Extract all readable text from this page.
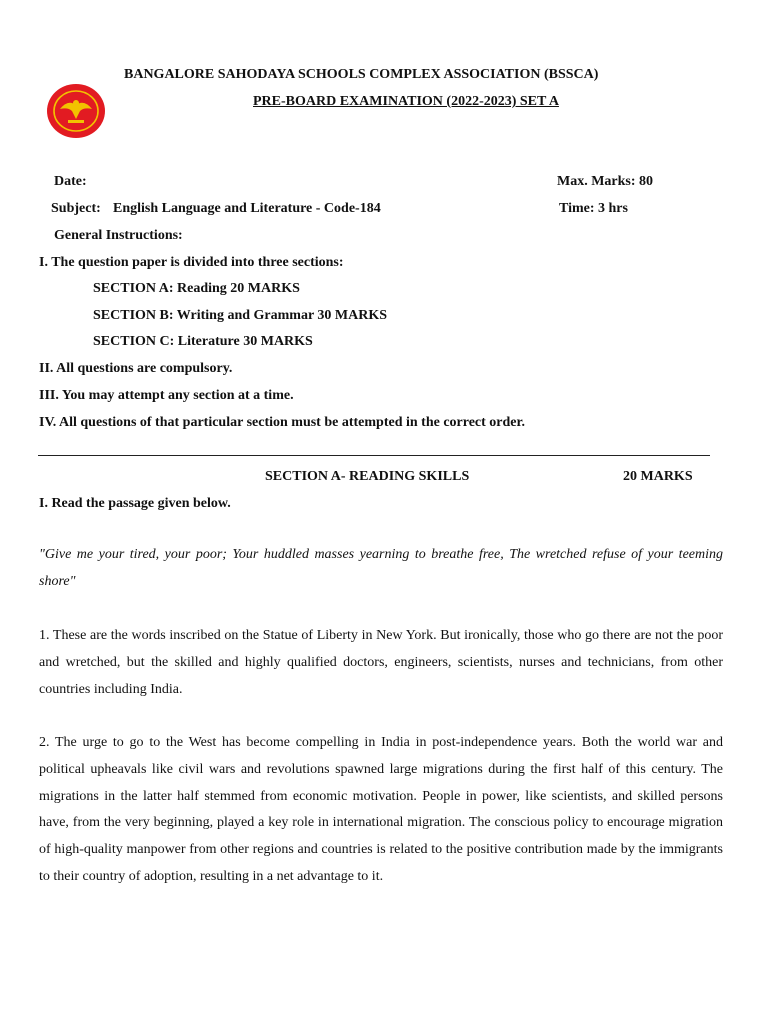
BANGALORE SAHODAYA SCHOOLS COMPLEX ASSOCIATION (BSSCA)
PRE-BOARD EXAMINATION (2022-2023) SET A
Date:	Max. Marks: 80
Subject: English Language and Literature - Code-184	Time: 3 hrs
General Instructions:
I. The question paper is divided into three sections:
SECTION A: Reading 20 MARKS
SECTION B: Writing and Grammar 30 MARKS
SECTION C: Literature 30 MARKS
II. All questions are compulsory.
III. You may attempt any section at a time.
IV. All questions of that particular section must be attempted in the correct order.
SECTION A- READING SKILLS	20 MARKS
I. Read the passage given below.
"Give me your tired, your poor; Your huddled masses yearning to breathe free, The wretched refuse of your teeming shore"
1. These are the words inscribed on the Statue of Liberty in New York. But ironically, those who go there are not the poor and wretched, but the skilled and highly qualified doctors, engineers, scientists, nurses and technicians, from other countries including India.
2. The urge to go to the West has become compelling in India in post-independence years. Both the world war and political upheavals like civil wars and revolutions spawned large migrations during the first half of this century. The migrations in the latter half stemmed from economic motivation. People in power, like scientists, and skilled persons have, from the very beginning, played a key role in international migration. The conscious policy to encourage migration of high-quality manpower from other regions and countries is related to the positive contribution made by the immigrants to their country of adoption, resulting in a net advantage to it.
